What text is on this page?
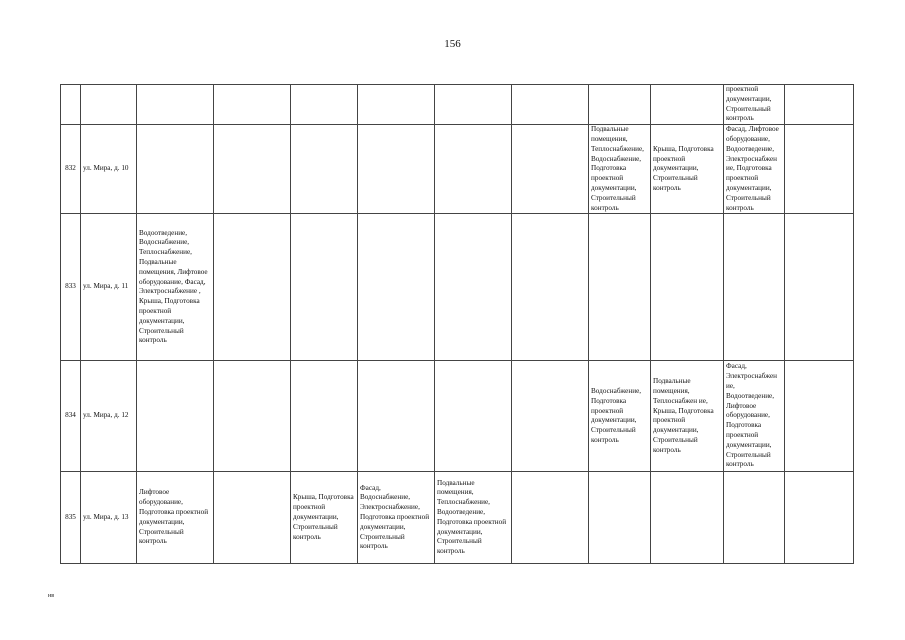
156
										проектной документации, Строительный контроль	
832	ул. Мира, д. 10							Подвальные помещения, Теплоснабжение, Водоснабжение, Подготовка проектной документации, Строительный контроль	Крыша, Подготовка проектной документации, Строительный контроль	Фасад, Лифтовое оборудование, Водоотведение, Электроснабжен ие, Подготовка проектной документации, Строительный контроль	
833	ул. Мира, д. 11	Водоотведение, Водоснабжение, Теплоснабжение, Подвальные помещения, Лифтовое оборудование, Фасад, Электроснабжение , Крыша, Подготовка проектной документации, Строительный контроль									
834	ул. Мира, д. 12							Водоснабжение, Подготовка проектной документации, Строительный контроль	Подвальные помещения, Теплоснабжен ие, Крыша, Подготовка проектной документации, Строительный контроль	Фасад, Электроснабжен ие, Водоотведение, Лифтовое оборудование, Подготовка проектной документации, Строительный контроль	
835	ул. Мира, д. 13	Лифтовое оборудование, Подготовка проектной документации, Строительный контроль		Крыша, Подготовка проектной документации, Строительный контроль	Фасад, Водоснабжение, Электроснабжение, Подготовка проектной документации, Строительный контроль	Подвальные помещения, Теплоснабжение, Водоотведение, Подготовка проектной документации, Строительный контроль					
нв
